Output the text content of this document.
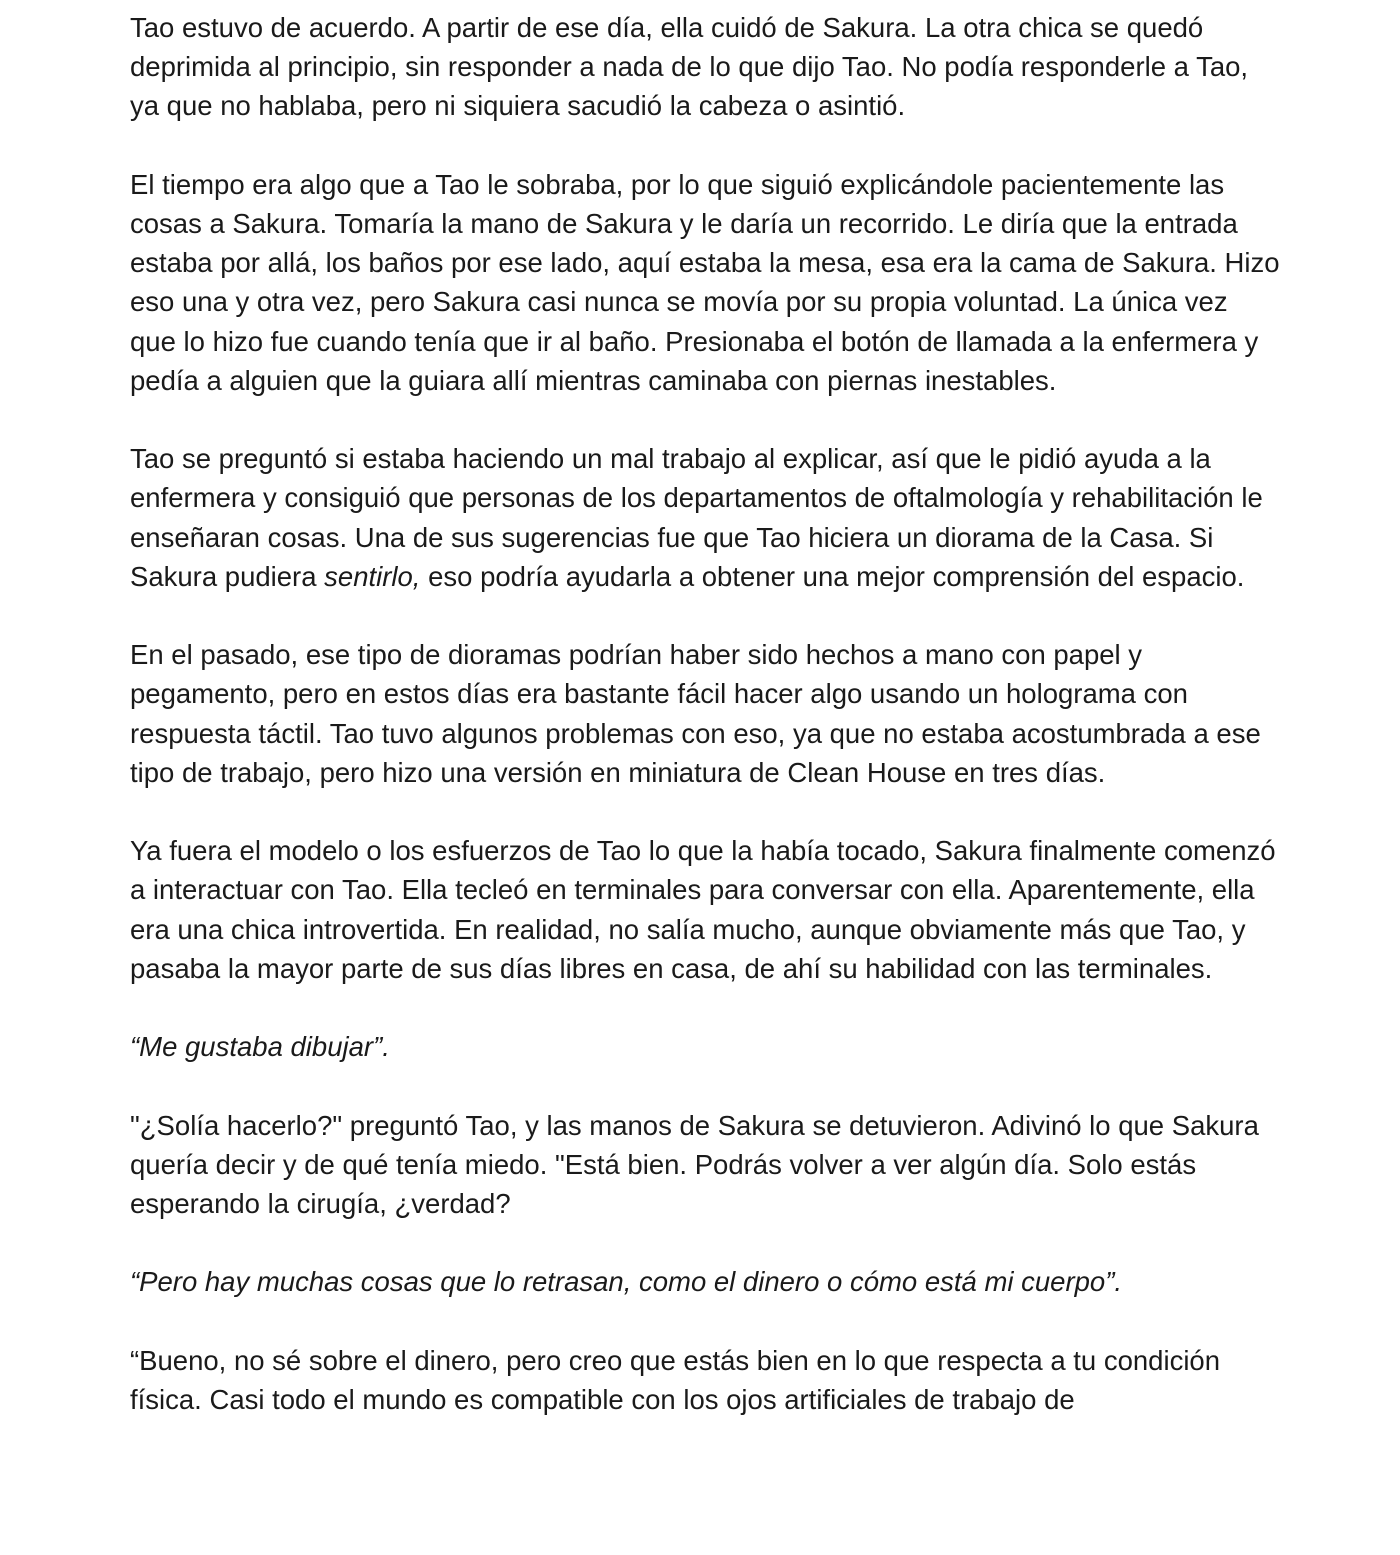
Tao estuvo de acuerdo. A partir de ese día, ella cuidó de Sakura. La otra chica se quedó deprimida al principio, sin responder a nada de lo que dijo Tao. No podía responderle a Tao, ya que no hablaba, pero ni siquiera sacudió la cabeza o asintió.

El tiempo era algo que a Tao le sobraba, por lo que siguió explicándole pacientemente las cosas a Sakura. Tomaría la mano de Sakura y le daría un recorrido. Le diría que la entrada estaba por allá, los baños por ese lado, aquí estaba la mesa, esa era la cama de Sakura. Hizo eso una y otra vez, pero Sakura casi nunca se movía por su propia voluntad. La única vez que lo hizo fue cuando tenía que ir al baño. Presionaba el botón de llamada a la enfermera y pedía a alguien que la guiara allí mientras caminaba con piernas inestables.

Tao se preguntó si estaba haciendo un mal trabajo al explicar, así que le pidió ayuda a la enfermera y consiguió que personas de los departamentos de oftalmología y rehabilitación le enseñaran cosas. Una de sus sugerencias fue que Tao hiciera un diorama de la Casa. Si Sakura pudiera sentirlo, eso podría ayudarla a obtener una mejor comprensión del espacio.

En el pasado, ese tipo de dioramas podrían haber sido hechos a mano con papel y pegamento, pero en estos días era bastante fácil hacer algo usando un holograma con respuesta táctil. Tao tuvo algunos problemas con eso, ya que no estaba acostumbrada a ese tipo de trabajo, pero hizo una versión en miniatura de Clean House en tres días.

Ya fuera el modelo o los esfuerzos de Tao lo que la había tocado, Sakura finalmente comenzó a interactuar con Tao. Ella tecleó en terminales para conversar con ella. Aparentemente, ella era una chica introvertida. En realidad, no salía mucho, aunque obviamente más que Tao, y pasaba la mayor parte de sus días libres en casa, de ahí su habilidad con las terminales.

“Me gustaba dibujar”.

"¿Solía hacerlo?" preguntó Tao, y las manos de Sakura se detuvieron. Adivinó lo que Sakura quería decir y de qué tenía miedo. "Está bien. Podrás volver a ver algún día. Solo estás esperando la cirugía, ¿verdad?

“Pero hay muchas cosas que lo retrasan, como el dinero o cómo está mi cuerpo”.

“Bueno, no sé sobre el dinero, pero creo que estás bien en lo que respecta a tu condición física. Casi todo el mundo es compatible con los ojos artificiales de trabajo de
